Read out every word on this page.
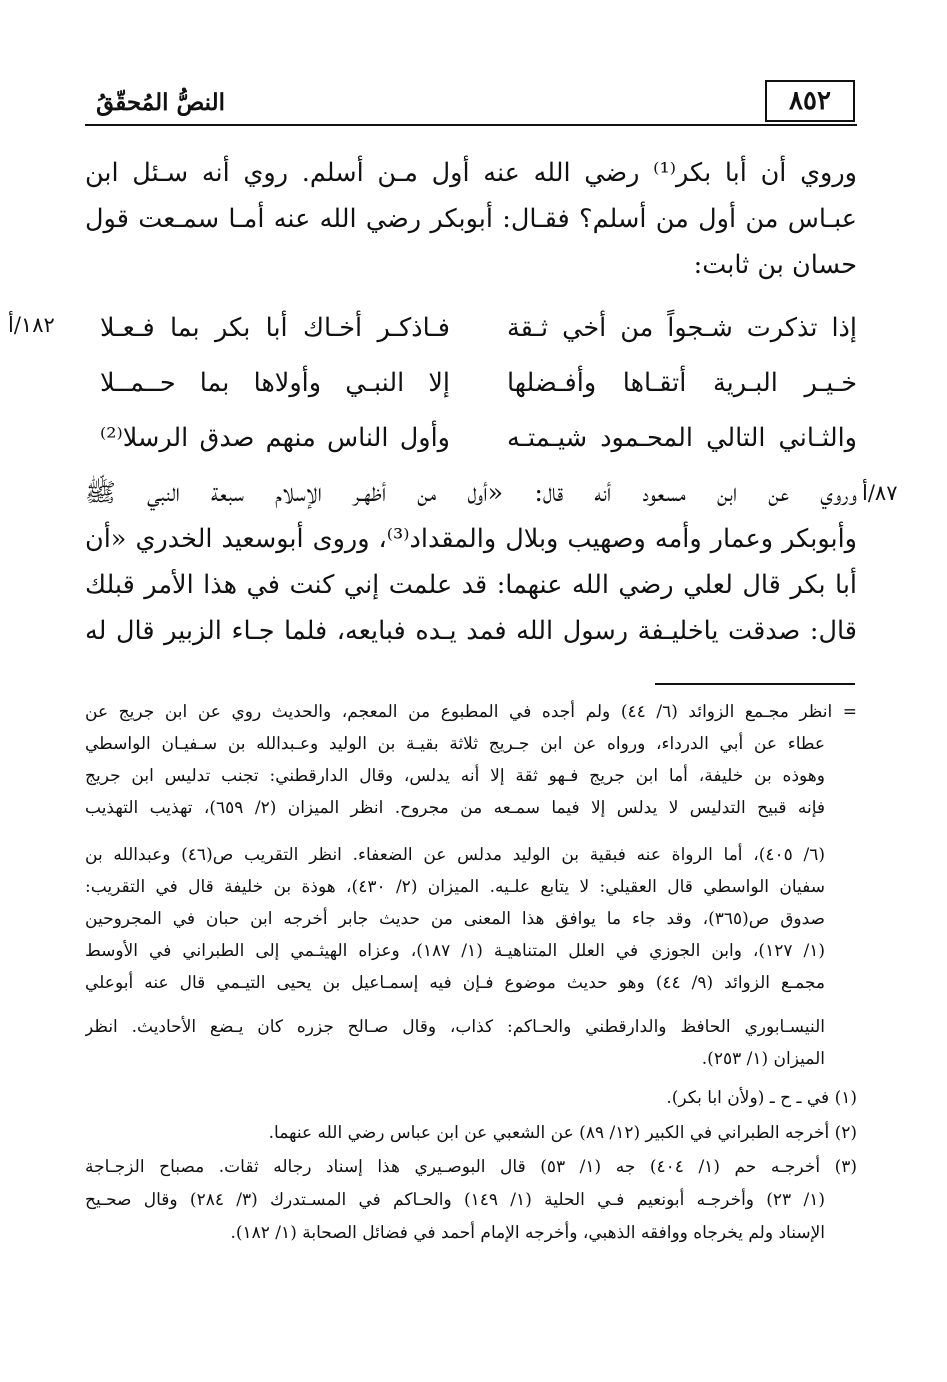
٨٥٢
النصُّ المُحقّقُ
وروي أن أبا بكر⁽¹⁾ رضي الله عنه أول مـن أسلم. روي أنه سـئل ابن
عبـاس من أول من أسلم؟ فقـال: أبوبكر رضي الله عنه أمـا سمـعت قول
حسان بن ثابت:
إذا تذكرت شـجواً من أخي ثـقة
فـاذكـر أخـاك أبا بكر بما فـعـلا
خـيـر البـرية أتقـاها وأفـضلها
إلا النبـي وأولاها بما حــمــلا
والثـاني التالي المحـمود شيـمتـه
وأول الناس منهم صدق الرسلا⁽²⁾
١٨٢/أ
٨٧/أ
وروي عن ابن مسعود أنه قال: «أول من أظهـر الإسلام سبعة النبي ﷺ
وأبوبكر وعمار وأمه وصهيب وبلال والمقداد⁽³⁾، وروى أبوسعيد الخدري «أن
أبا بكر قال لعلي رضي الله عنهما: قد علمت إني كنت في هذا الأمر قبلك
قال: صدقت ياخليـفة رسول الله فمد يـده فبايعه، فلما جـاء الزبير قال له
= انظر مجـمع الزوائد (٦/ ٤٤) ولم أجده في المطبوع من المعجم، والحديث روي عن ابن جريج عن
عطاء عن أبي الدرداء، ورواه عن ابن جـريج ثلاثة بقيـة بن الوليد وعـبدالله بن سـفيـان الواسطي
وهوذه بن خليفة، أما ابن جريج فـهو ثقة إلا أنه يدلس، وقال الدارقطني: تجنب تدليس ابن جريج
فإنه قبيح التدليس لا يدلس إلا فيما سمـعه من مجروح. انظر الميزان (٢/ ٦٥٩)، تهذيب التهذيب
(٦/ ٤٠٥)، أما الرواة عنه فبقية بن الوليد مدلس عن الضعفاء. انظر التقريب ص(٤٦) وعبدالله بن
سفيان الواسطي قال العقيلي: لا يتابع علـيه. الميزان (٢/ ٤٣٠)، هوذة بن خليفة قال في التقريب:
صدوق ص(٣٦٥)، وقد جاء ما يوافق هذا المعنى من حديث جابر أخرجه ابن حبان في المجروحين
(١/ ١٢٧)، وابن الجوزي في العلل المتناهيـة (١/ ١٨٧)، وعزاه الهيثـمي إلى الطبراني في الأوسط
مجمـع الزوائد (٩/ ٤٤) وهو حديث موضوع فـإن فيه إسمـاعيل بن يحيى التيـمي قال عنه أبوعلي
النيسـابوري الحافظ والدارقطني والحـاكم: كذاب، وقال صـالح جزره كان يـضع الأحاديث. انظر
الميزان (١/ ٢٥٣).
(١) في ـ ح ـ (ولأن ابا بكر).
(٢) أخرجه الطبراني في الكبير (١٢/ ٨٩) عن الشعبي عن ابن عباس رضي الله عنهما.
(٣) أخرجـه حم (١/ ٤٠٤) جه (١/ ٥٣) قال البوصـيري هذا إسناد رجاله ثقات. مصباح الزجـاجة
(١/ ٢٣) وأخرجـه أبونعيم فـي الحلية (١/ ١٤٩) والحـاكم في المسـتدرك (٣/ ٢٨٤) وقال صحـيح
الإسناد ولم يخرجاه ووافقه الذهبي، وأخرجه الإمام أحمد في فضائل الصحابة (١/ ١٨٢).
